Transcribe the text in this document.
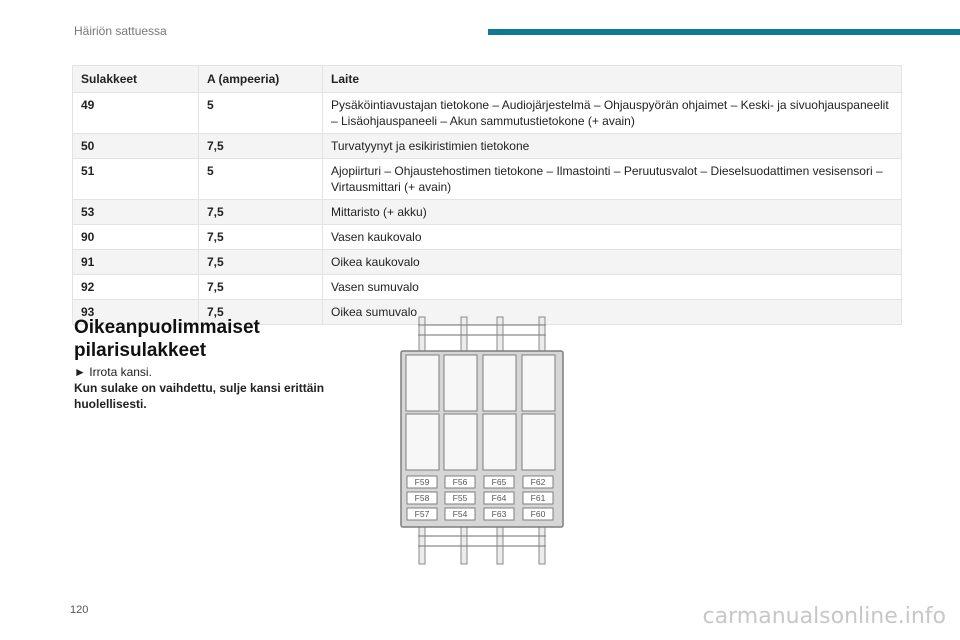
Häiriön sattuessa
Sulakkeet	A (ampeeria)	Laite
49	5	Pysäköintiavustajan tietokone – Audiojärjestelmä – Ohjauspyörän ohjaimet – Keski- ja sivuohjauspaneelit – Lisäohjauspaneeli – Akun sammutustietokone (+ avain)
50	7,5	Turvatyynyt ja esikiristimien tietokone
51	5	Ajopiirturi – Ohjaustehostimen tietokone – Ilmastointi – Peruutusvalot – Dieselsuodattimen vesisensori – Virtausmittari (+ avain)
53	7,5	Mittaristo (+ akku)
90	7,5	Vasen kaukovalo
91	7,5	Oikea kaukovalo
92	7,5	Vasen sumuvalo
93	7,5	Oikea sumuvalo
Oikeanpuolimmaiset pilarisulakkeet
► Irrota kansi.
Kun sulake on vaihdettu, sulje kansi erittäin huolellisesti.
F59	F56	F65	F62
F58	F55	F64	F61
F57	F54	F63	F60
120	carmanualsonline.info
